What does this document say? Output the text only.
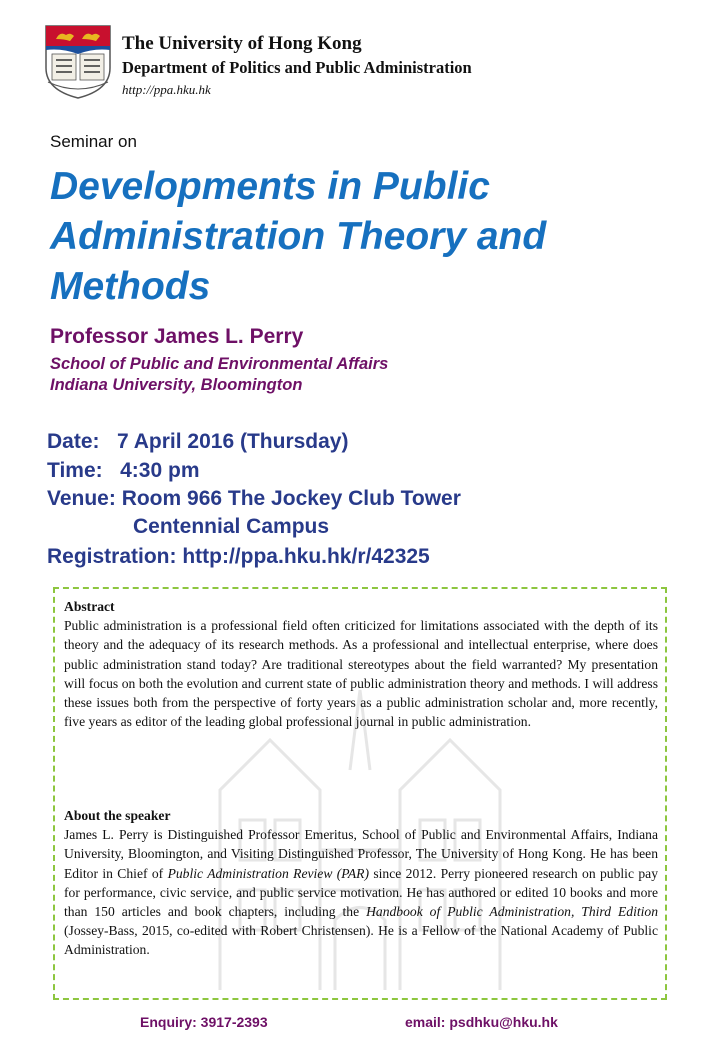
The University of Hong Kong
Department of Politics and Public Administration
http://ppa.hku.hk
Seminar on
Developments in Public
Administration Theory and
Methods
Professor James L. Perry
School of Public and Environmental Affairs
Indiana University, Bloomington
Date:   7 April 2016 (Thursday)
Time:   4:30 pm
Venue: Room 966 The Jockey Club Tower
Centennial Campus
Registration: http://ppa.hku.hk/r/42325
Abstract

Public administration is a professional field often criticized for limitations associated with the depth of its theory and the adequacy of its research methods. As a professional and intellectual enterprise, where does public administration stand today? Are traditional stereotypes about the field warranted? My presentation will focus on both the evolution and current state of public administration theory and methods. I will address these issues both from the perspective of forty years as a public administration scholar and, more recently, five years as editor of the leading global professional journal in public administration.

About the speaker

James L. Perry is Distinguished Professor Emeritus, School of Public and Environmental Affairs, Indiana University, Bloomington, and Visiting Distinguished Professor, The University of Hong Kong. He has been Editor in Chief of Public Administration Review (PAR) since 2012. Perry pioneered research on public pay for performance, civic service, and public service motivation. He has authored or edited 10 books and more than 150 articles and book chapters, including the Handbook of Public Administration, Third Edition (Jossey-Bass, 2015, co-edited with Robert Christensen). He is a Fellow of the National Academy of Public Administration.

Enquiry: 3917-2393	email: psdhku@hku.hk
